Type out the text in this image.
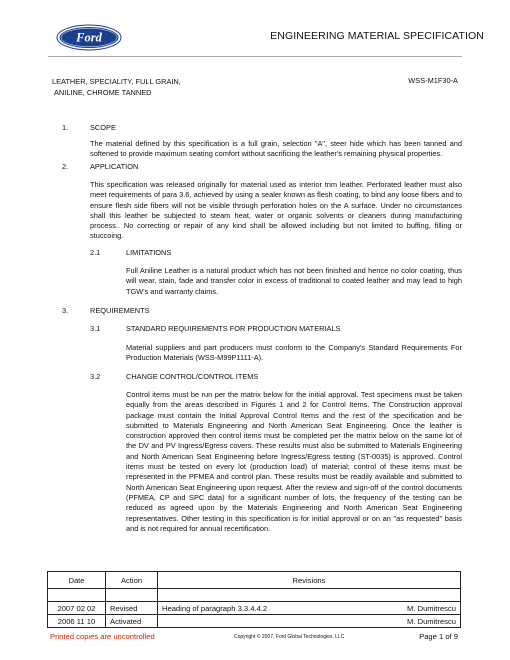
Ford	ENGINEERING MATERIAL SPECIFICATION
LEATHER, SPECIALITY, FULL GRAIN,
ANILINE, CHROME TANNED
WSS-M1F30-A
1.	SCOPE
The material defined by this specification is a full grain, selection "A", steer hide which has been tanned and softened to provide maximum seating comfort without sacrificing the leather's remaining physical properties.
2.	APPLICATION
This specification was released originally for material used as interior trim leather. Perforated leather must also meet requirements of para 3.6, achieved by using a sealer known as flesh coating, to bind any loose fibers and to ensure flesh side fibers will not be visible through perforation holes on the A surface. Under no circumstances shall this leather be subjected to steam heat, water or organic solvents or cleaners during manufacturing process.. No correcting or repair of any kind shall be allowed including but not limited to buffing, filling or stuccoing.
2.1	LIMITATIONS
Full Aniline Leather is a natural product which has not been finished and hence no color coating, thus will wear, stain, fade and transfer color in excess of traditional to coated leather and may lead to high TGW's and warranty claims.
3.	REQUIREMENTS
3.1	STANDARD REQUIREMENTS FOR PRODUCTION MATERIALS
Material suppliers and part producers must conform to the Company's Standard Requirements For Production Materials (WSS-M99P1111-A).
3.2	CHANGE CONTROL/CONTROL ITEMS
Control items must be run per the matrix below for the initial approval. Test specimens must be taken equally from the areas described in Figures 1 and 2 for Control Items. The Construction approval package must contain the Initial Approval Control Items and the rest of the specification and be submitted to Materials Engineering and North American Seat Engineering. Once the leather is construction approved then control items must be completed per the matrix below on the same lot of the DV and PV Ingress/Egress covers. These results must also be submitted to Materials Engineering and North American Seat Engineering before Ingress/Egress testing (ST-0035) is approved. Control items must be tested on every lot (production load) of material; control of these items must be represented in the PFMEA and control plan. These results must be readily available and submitted to North American Seat Engineering upon request. After the review and sign-off of the control documents (PFMEA, CP and SPC data) for a significant number of lots, the frequency of the testing can be reduced as agreed upon by the Materials Engineering and North American Seat Engineering representatives. Other testing in this specification is for initial approval or on an "as requested" basis and is not required for annual recertification.
Date	Action	Revisions

2007 02 02	Revised	Heading of paragraph 3.3.4.4.2 M. Dumitrescu

2006 11 10	Activated	M. Dumitrescu
Printed copies are uncontrolled	Copyright © 2007, Ford Global Technologies, LLC	Page 1 of 9
